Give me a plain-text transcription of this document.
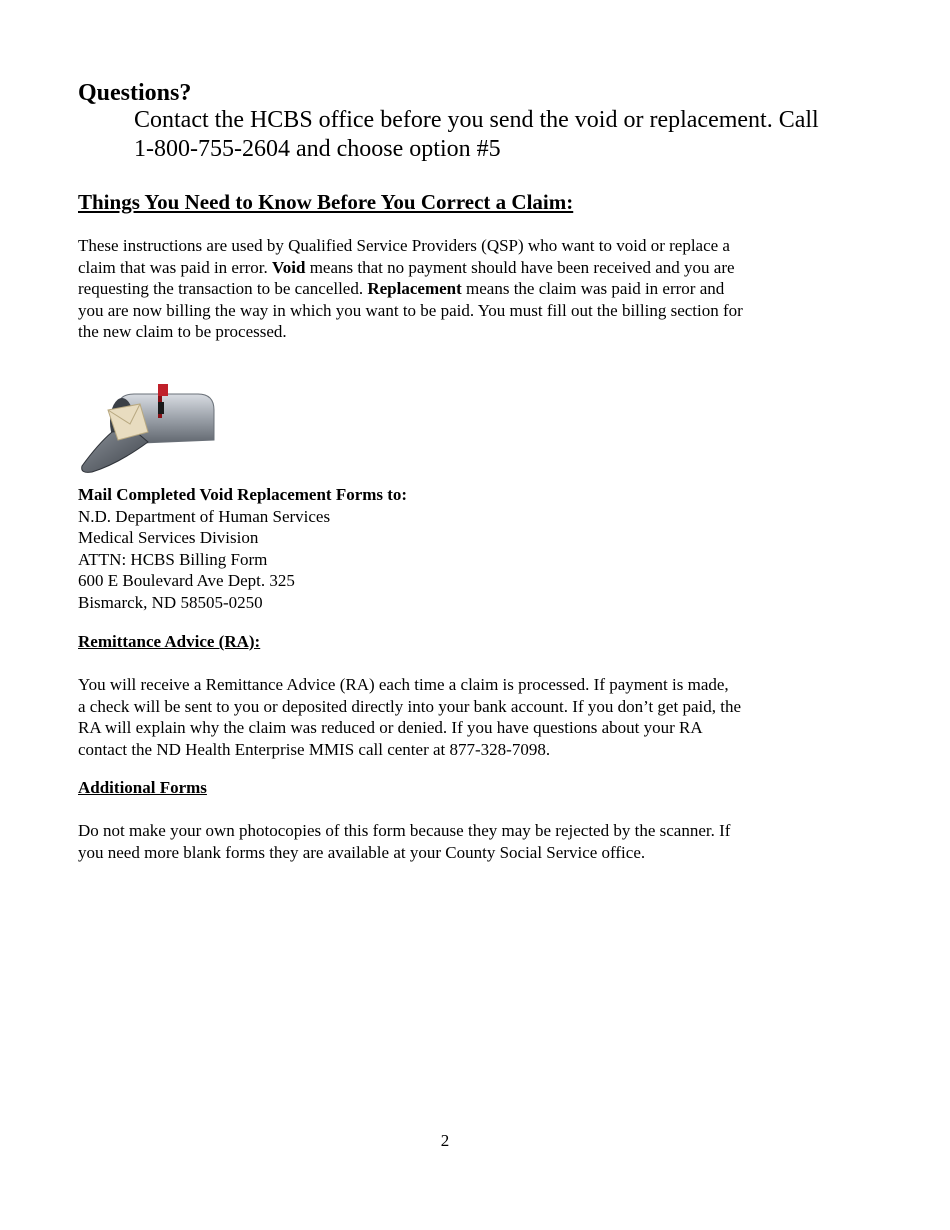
Questions?

Contact the HCBS office before you send the void or replacement. Call
1-800-755-2604 and choose option #5

Things You Need to Know Before You Correct a Claim:

These instructions are used by Qualified Service Providers (QSP) who want to void or replace a
claim that was paid in error. Void means that no payment should have been received and you are
requesting the transaction to be cancelled. Replacement means the claim was paid in error and
you are now billing the way in which you want to be paid. You must fill out the billing section for
the new claim to be processed.

Mail Completed Void Replacement Forms to:
N.D. Department of Human Services
Medical Services Division
ATTN: HCBS Billing Form
600 E Boulevard Ave Dept. 325
Bismarck, ND 58505-0250
Remittance Advice (RA):

You will receive a Remittance Advice (RA) each time a claim is processed. If payment is made,
a check will be sent to you or deposited directly into your bank account. If you don’t get paid, the
RA will explain why the claim was reduced or denied. If you have questions about your RA
contact the ND Health Enterprise MMIS call center at 877-328-7098.

Additional Forms

Do not make your own photocopies of this form because they may be rejected by the scanner. If
you need more blank forms they are available at your County Social Service office.

2
